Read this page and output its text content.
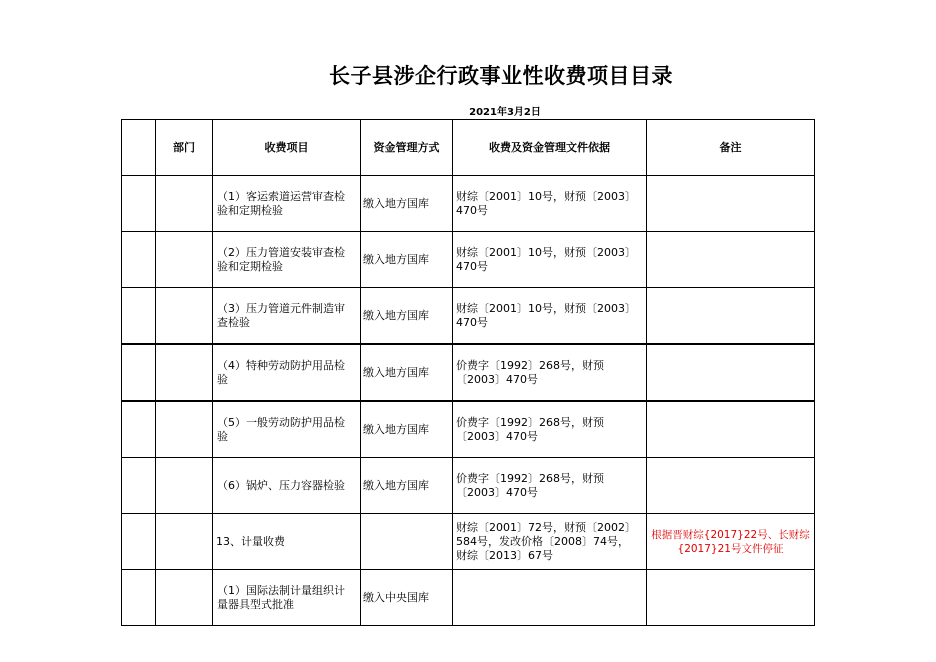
长子县涉企行政事业性收费项目目录
2021年3月2日
	部门	收费项目	资金管理方式	收费及资金管理文件依据	备注
		（1）客运索道运营审查检验和定期检验	缴入地方国库	财综〔2001〕10号，财预〔2003〕470号	
		（2）压力管道安装审查检验和定期检验	缴入地方国库	财综〔2001〕10号，财预〔2003〕470号	
		（3）压力管道元件制造审查检验	缴入地方国库	财综〔2001〕10号，财预〔2003〕470号	
		（4）特种劳动防护用品检验	缴入地方国库	价费字〔1992〕268号，财预〔2003〕470号	
		（5）一般劳动防护用品检验	缴入地方国库	价费字〔1992〕268号，财预〔2003〕470号	
		（6）锅炉、压力容器检验	缴入地方国库	价费字〔1992〕268号，财预〔2003〕470号	
		13、计量收费		财综〔2001〕72号，财预〔2002〕584号，发改价格〔2008〕74号，财综〔2013〕67号	根据晋财综{2017}22号、长财综{2017}21号文件停征
		（1）国际法制计量组织计量器具型式批准	缴入中央国库		
